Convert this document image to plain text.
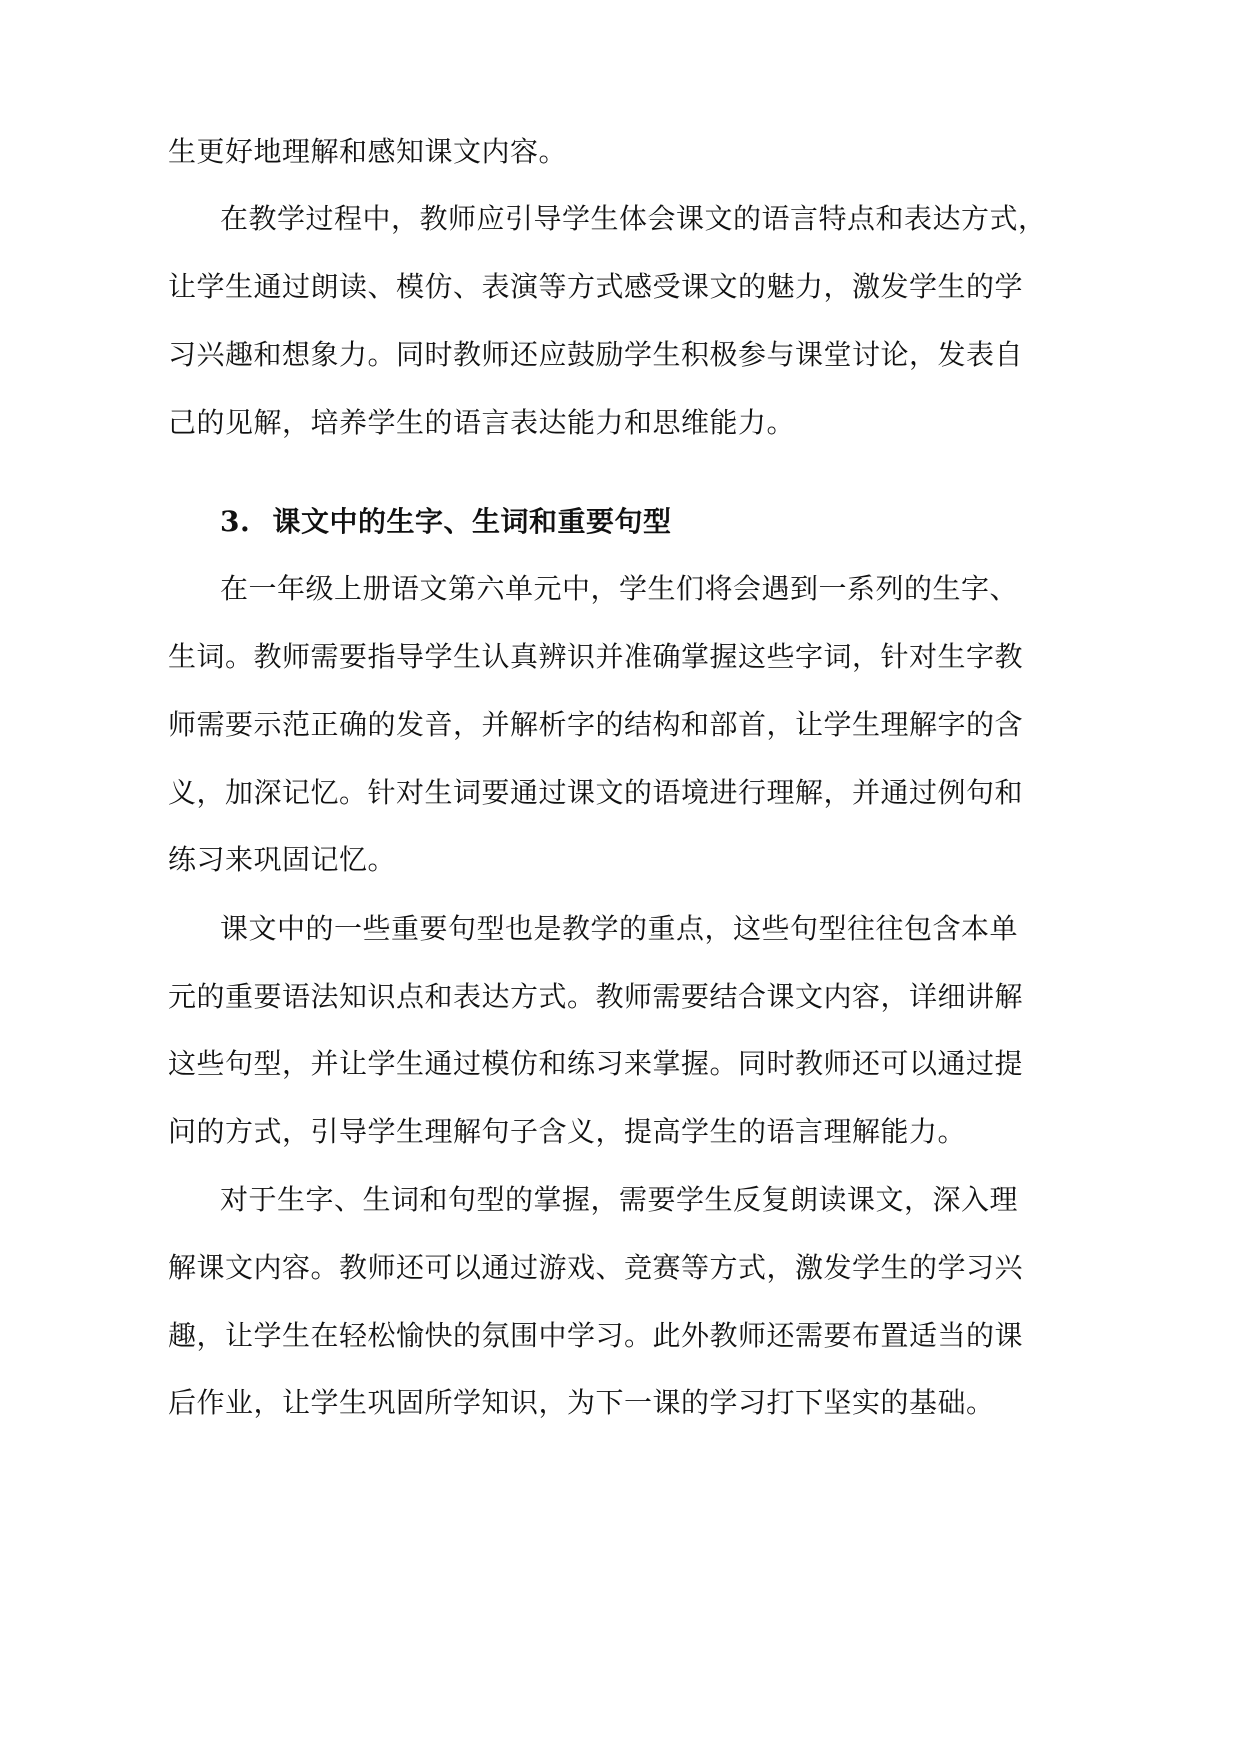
生更好地理解和感知课文内容。
在教学过程中，教师应引导学生体会课文的语言特点和表达方式，
让学生通过朗读、模仿、表演等方式感受课文的魅力，激发学生的学
习兴趣和想象力。同时教师还应鼓励学生积极参与课堂讨论，发表自
己的见解，培养学生的语言表达能力和思维能力。
3. 课文中的生字、生词和重要句型
在一年级上册语文第六单元中，学生们将会遇到一系列的生字、
生词。教师需要指导学生认真辨识并准确掌握这些字词，针对生字教
师需要示范正确的发音，并解析字的结构和部首，让学生理解字的含
义，加深记忆。针对生词要通过课文的语境进行理解，并通过例句和
练习来巩固记忆。
课文中的一些重要句型也是教学的重点，这些句型往往包含本单
元的重要语法知识点和表达方式。教师需要结合课文内容，详细讲解
这些句型，并让学生通过模仿和练习来掌握。同时教师还可以通过提
问的方式，引导学生理解句子含义，提高学生的语言理解能力。
对于生字、生词和句型的掌握，需要学生反复朗读课文，深入理
解课文内容。教师还可以通过游戏、竞赛等方式，激发学生的学习兴
趣，让学生在轻松愉快的氛围中学习。此外教师还需要布置适当的课
后作业，让学生巩固所学知识，为下一课的学习打下坚实的基础。
